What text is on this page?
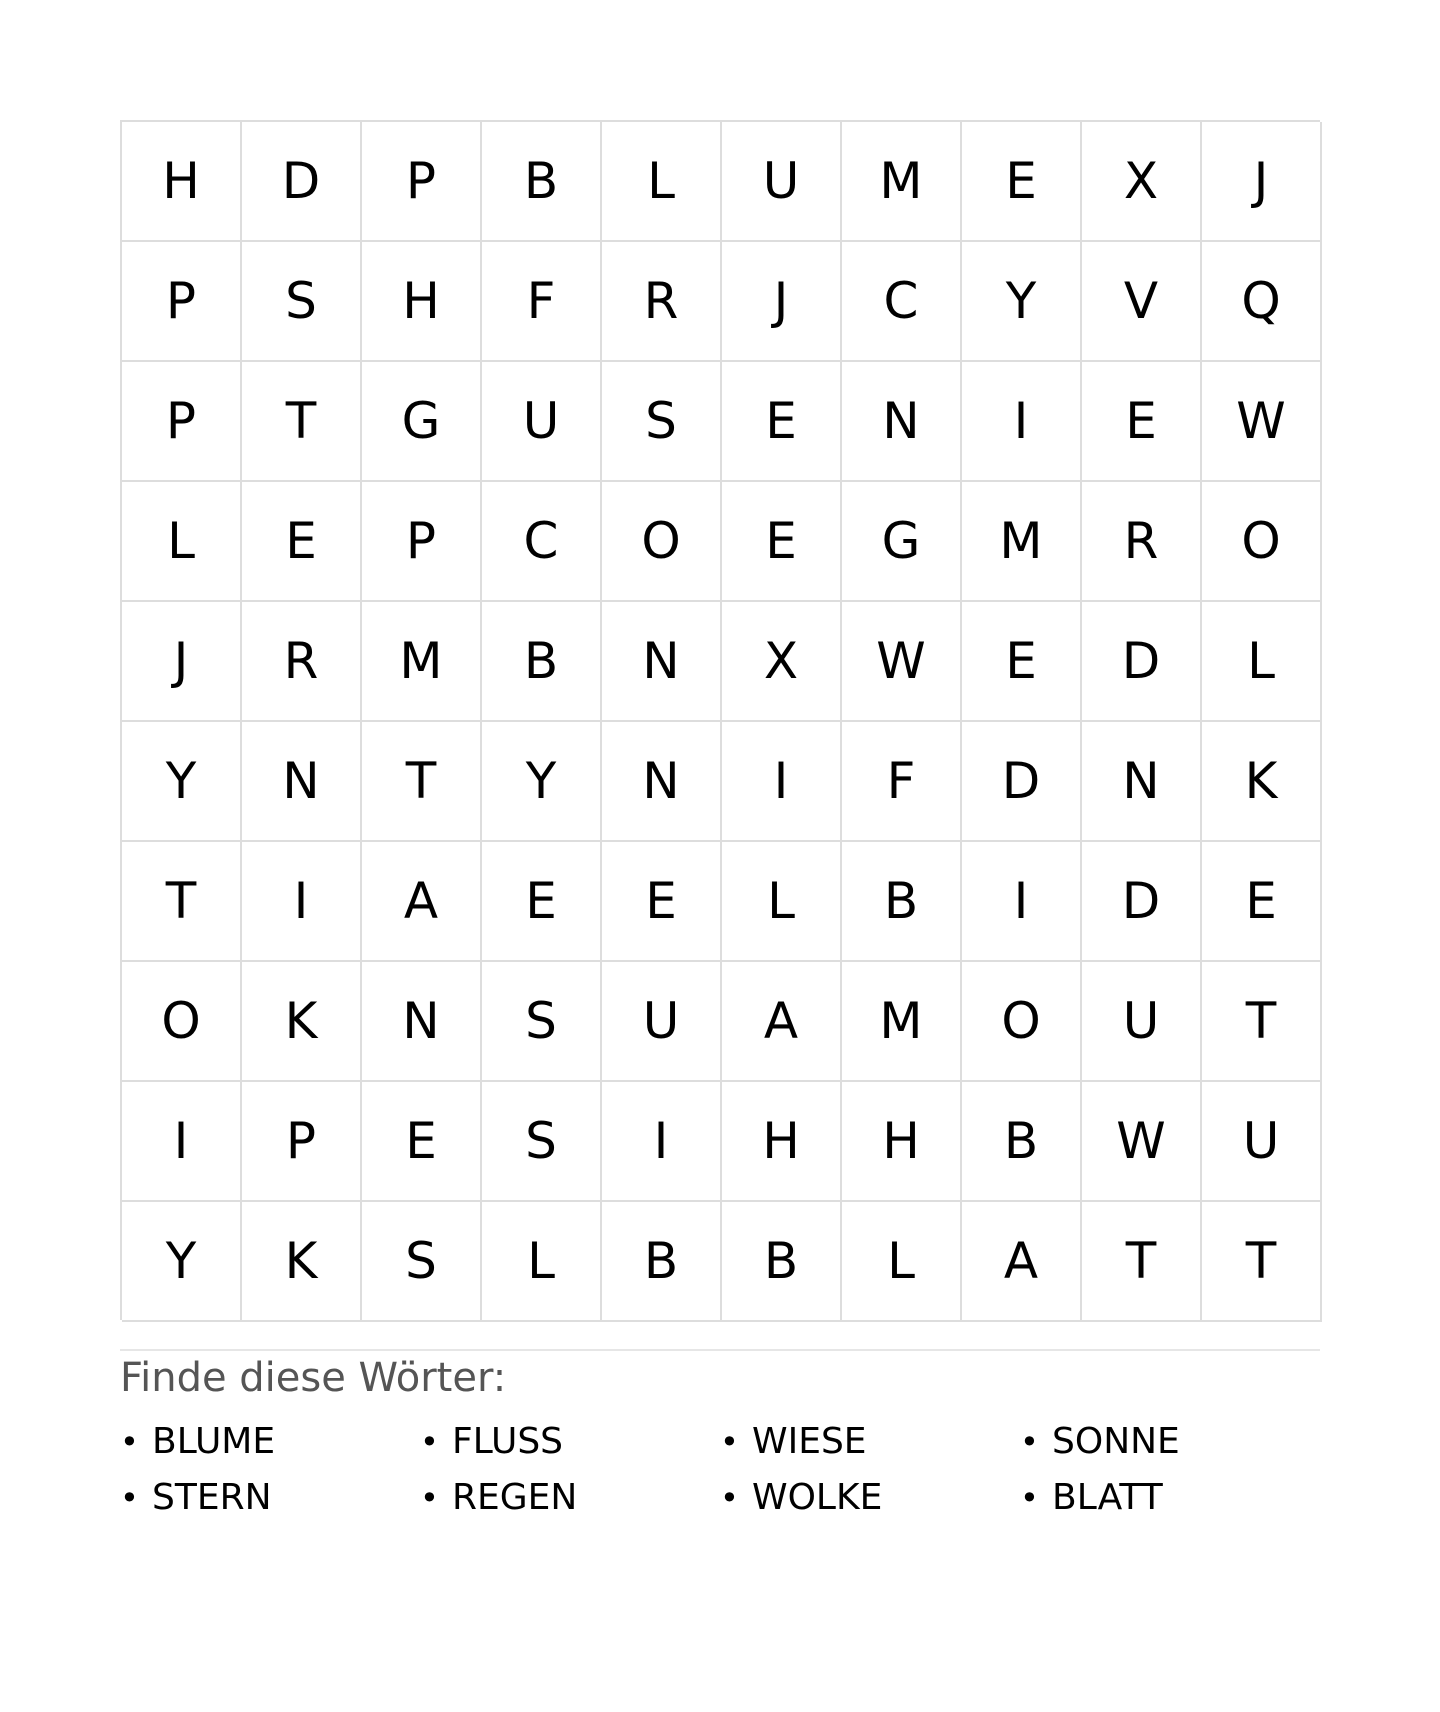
H	D	P	B	L	U	M	E	X	J
P	S	H	F	R	J	C	Y	V	Q
P	T	G	U	S	E	N	I	E	W
L	E	P	C	O	E	G	M	R	O
J	R	M	B	N	X	W	E	D	L
Y	N	T	Y	N	I	F	D	N	K
T	I	A	E	E	L	B	I	D	E
O	K	N	S	U	A	M	O	U	T
I	P	E	S	I	H	H	B	W	U
Y	K	S	L	B	B	L	A	T	T
Finde diese Wörter:
• BLUME	• FLUSS	• WIESE	• SONNE
• STERN	• REGEN	• WOLKE	• BLATT
